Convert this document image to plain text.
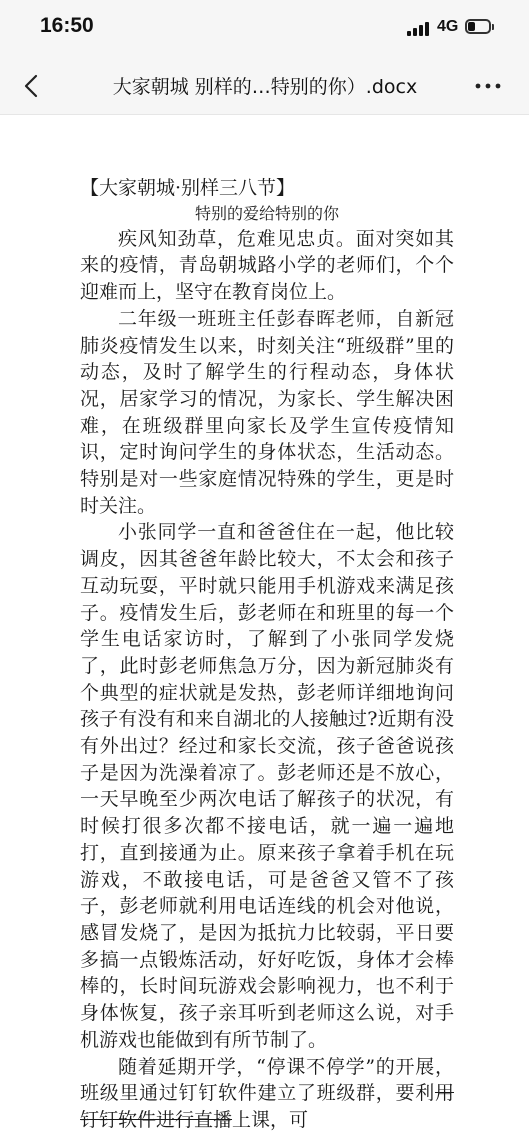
16:50	4G
大家朝城 别样的…特别的你）.docx

【大家朝城·别样三八节】

特别的爱给特别的你

疾风知劲草，危难见忠贞。面对突如其来的疫情，青岛朝城路小学的老师们，个个迎难而上，坚守在教育岗位上。

二年级一班班主任彭春晖老师，自新冠肺炎疫情发生以来，时刻关注“班级群”里的动态，及时了解学生的行程动态，身体状况，居家学习的情况，为家长、学生解决困难，在班级群里向家长及学生宣传疫情知识，定时询问学生的身体状态，生活动态。特别是对一些家庭情况特殊的学生，更是时时关注。

小张同学一直和爸爸住在一起，他比较调皮，因其爸爸年龄比较大，不太会和孩子互动玩耍，平时就只能用手机游戏来满足孩子。疫情发生后，彭老师在和班里的每一个学生电话家访时，了解到了小张同学发烧了，此时彭老师焦急万分，因为新冠肺炎有个典型的症状就是发热，彭老师详细地询问孩子有没有和来自湖北的人接触过?近期有没有外出过？经过和家长交流，孩子爸爸说孩子是因为洗澡着凉了。彭老师还是不放心，一天早晚至少两次电话了解孩子的状况，有时候打很多次都不接电话，就一遍一遍地打，直到接通为止。原来孩子拿着手机在玩游戏，不敢接电话，可是爸爸又管不了孩子，彭老师就利用电话连线的机会对他说，感冒发烧了，是因为抵抗力比较弱，平日要多搞一点锻炼活动，好好吃饭，身体才会棒棒的，长时间玩游戏会影响视力，也不利于身体恢复，孩子亲耳听到老师这么说，对手机游戏也能做到有所节制了。

随着延期开学，“停课不停学”的开展，班级里通过钉钉软件建立了班级群，要利用钉钉软件进行直播上课，可
